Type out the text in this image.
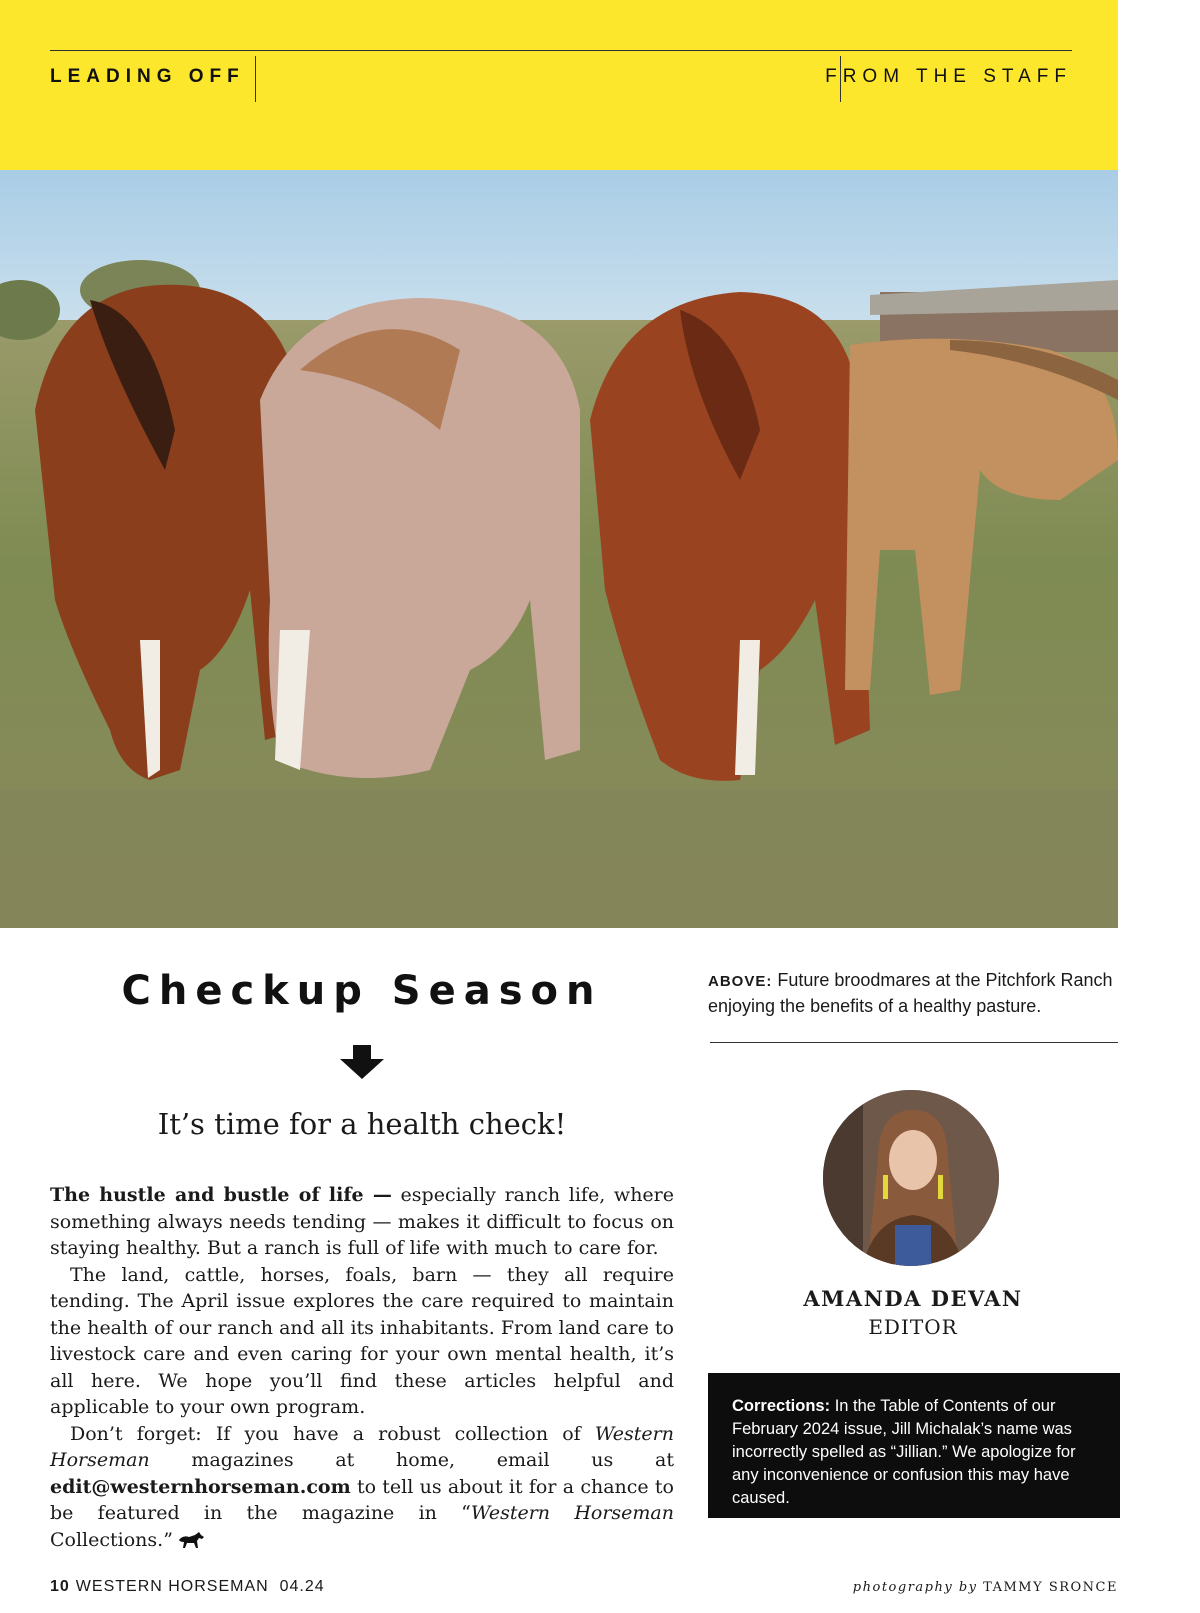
LEADING OFF	FROM THE STAFF
Checkup Season
It’s time for a health check!

The hustle and bustle of life — especially ranch life, where something always needs tending — makes it difficult to focus on staying healthy. But a ranch is full of life with much to care for.

The land, cattle, horses, foals, barn — they all require tending. The April issue explores the care required to maintain the health of our ranch and all its inhabitants. From land care to livestock care and even caring for your own mental health, it’s all here. We hope you’ll find these articles helpful and applicable to your own program.

Don’t forget: If you have a robust collection of Western Horseman magazines at home, email us at edit@westernhorseman.com to tell us about it for a chance to be featured in the magazine in “Western Horseman Collections.”

ABOVE: Future broodmares at the Pitchfork Ranch enjoying the benefits of a healthy pasture.
AMANDA DEVAN
EDITOR
Corrections: In the Table of Contents of our February 2024 issue, Jill Michalak’s name was incorrectly spelled as “Jillian.” We apologize for any inconvenience or confusion this may have caused.
10 WESTERN HORSEMAN 04.24	photography by TAMMY SRONCE
